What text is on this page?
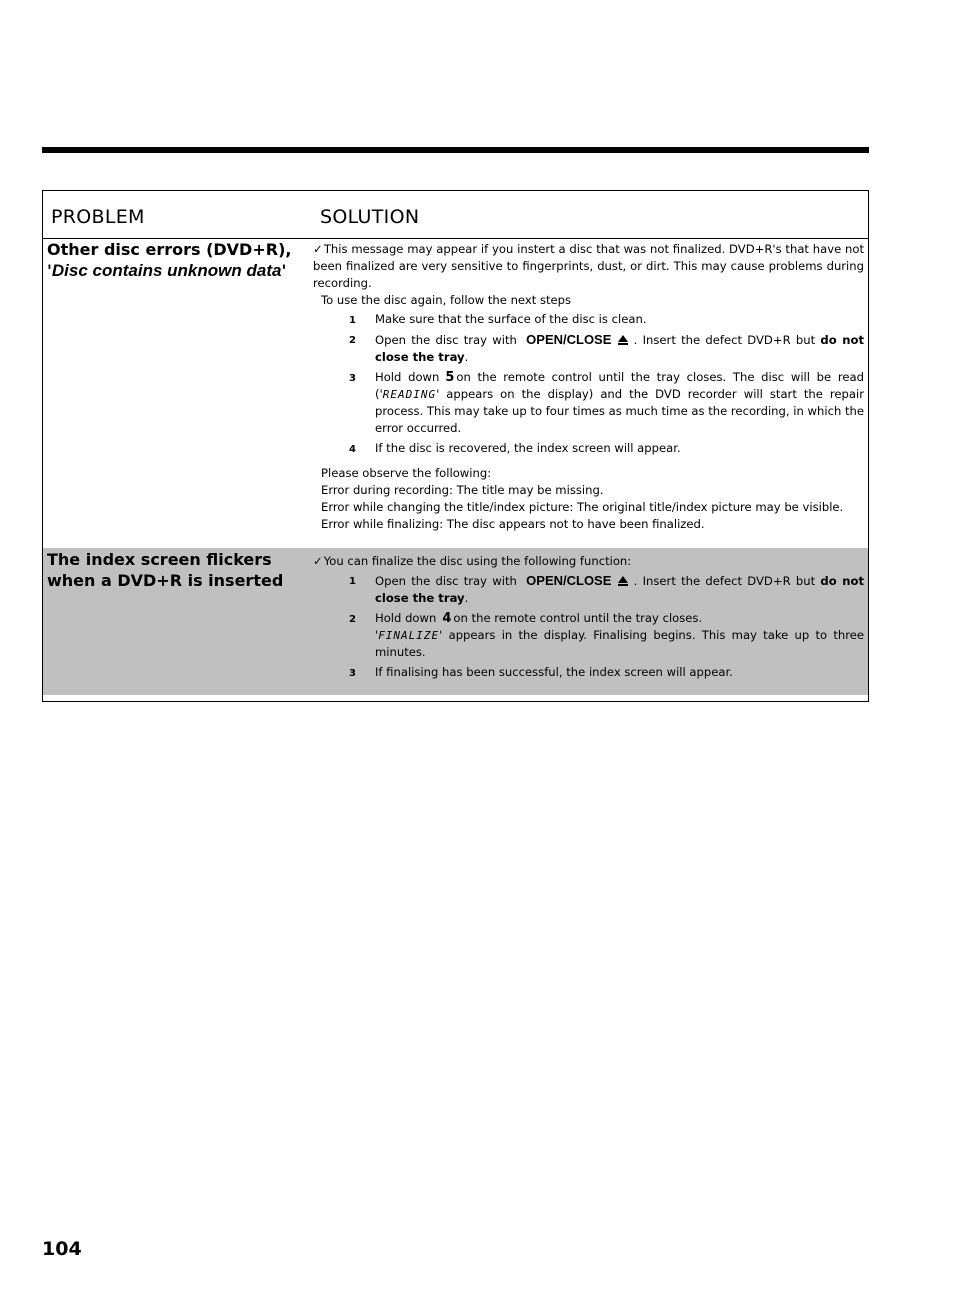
PROBLEM	SOLUTION
Other disc errors (DVD+R), 'Disc contains unknown data'

✓This message may appear if you instert a disc that was not finalized. DVD+R's that have not been finalized are very sensitive to fingerprints, dust, or dirt. This may cause problems during recording.

To use the disc again, follow the next steps

1 Make sure that the surface of the disc is clean.
2 Open the disc tray with OPEN/CLOSE . Insert the defect DVD+R but do not close the tray.
3 Hold down 5 on the remote control until the tray closes. The disc will be read ('READING' appears on the display) and the DVD recorder will start the repair process. This may take up to four times as much time as the recording, in which the error occurred.
4 If the disc is recovered, the index screen will appear.
Please observe the following:
Error during recording: The title may be missing.
Error while changing the title/index picture: The original title/index picture may be visible.
Error while finalizing: The disc appears not to have been finalized.
The index screen flickers when a DVD+R is inserted

✓You can finalize the disc using the following function:

1 Open the disc tray with OPEN/CLOSE . Insert the defect DVD+R but do not close the tray.
2 Hold down 4 on the remote control until the tray closes.
'FINALIZE' appears in the display. Finalising begins. This may take up to three minutes.
3 If finalising has been successful, the index screen will appear.
104
